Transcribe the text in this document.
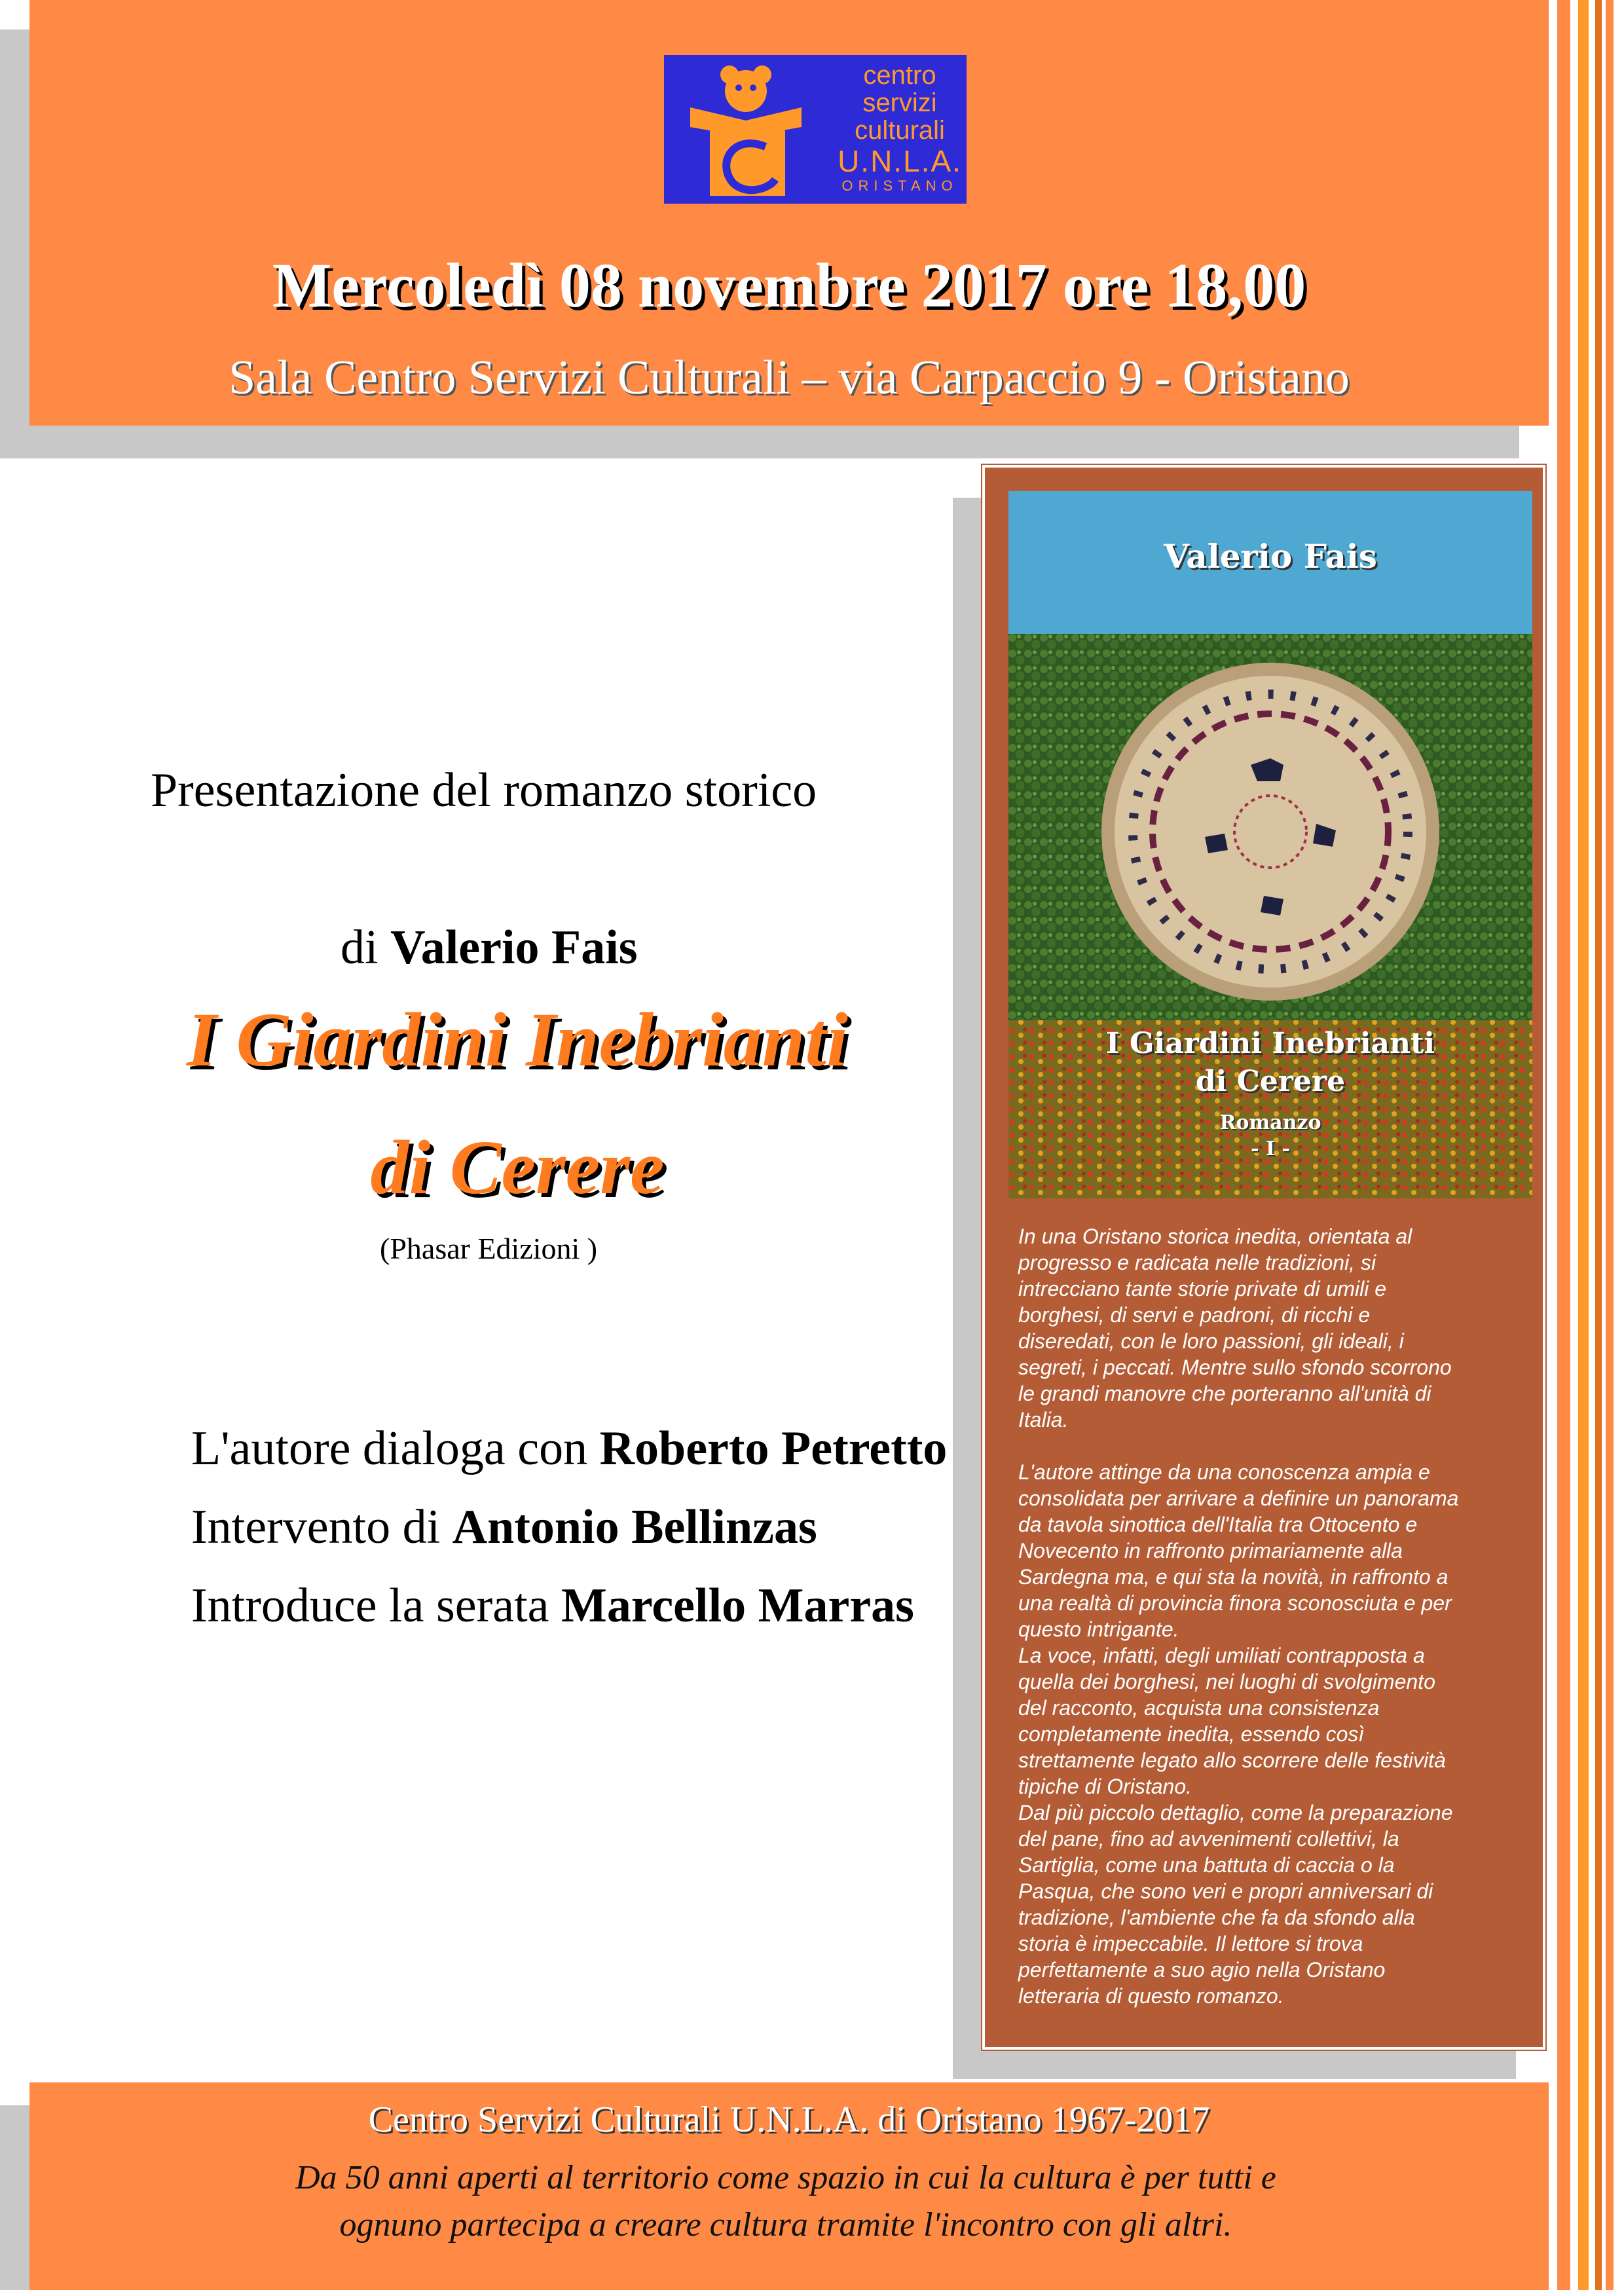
centro
servizi
culturali
U.N.L.A.
ORISTANO
Mercoledì 08 novembre 2017 ore 18,00
Sala Centro Servizi Culturali – via Carpaccio 9 - Oristano
Presentazione del romanzo storico
di Valerio Fais
I Giardini Inebrianti
di Cerere
(Phasar Edizioni )
L'autore dialoga con Roberto Petretto
Intervento di Antonio Bellinzas
Introduce la serata Marcello Marras
Valerio Fais
I Giardini Inebrianti
di Cerere
Romanzo
- I -

In una Oristano storica inedita, orientata al
progresso e radicata nelle tradizioni, si
intrecciano tante storie private di umili e
borghesi, di servi e padroni, di ricchi e
diseredati, con le loro passioni, gli ideali, i
segreti, i peccati. Mentre sullo sfondo scorrono
le grandi manovre che porteranno all'unità di
Italia.

L'autore attinge da una conoscenza ampia e
consolidata per arrivare a definire un panorama
da tavola sinottica dell'Italia tra Ottocento e
Novecento in raffronto primariamente alla
Sardegna ma, e qui sta la novità, in raffronto a
una realtà di provincia finora sconosciuta e per
questo intrigante.
La voce, infatti, degli umiliati contrapposta a
quella dei borghesi, nei luoghi di svolgimento
del racconto, acquista una consistenza
completamente inedita, essendo così
strettamente legato allo scorrere delle festività
tipiche di Oristano.
Dal più piccolo dettaglio, come la preparazione
del pane, fino ad avvenimenti collettivi, la
Sartiglia, come una battuta di caccia o la
Pasqua, che sono veri e propri anniversari di
tradizione, l'ambiente che fa da sfondo alla
storia è impeccabile. Il lettore si trova
perfettamente a suo agio nella Oristano
letteraria di questo romanzo.

Centro Servizi Culturali U.N.L.A. di Oristano 1967-2017
Da 50 anni aperti al territorio come spazio in cui la cultura è per tutti e
ognuno partecipa a creare cultura tramite l'incontro con gli altri.
